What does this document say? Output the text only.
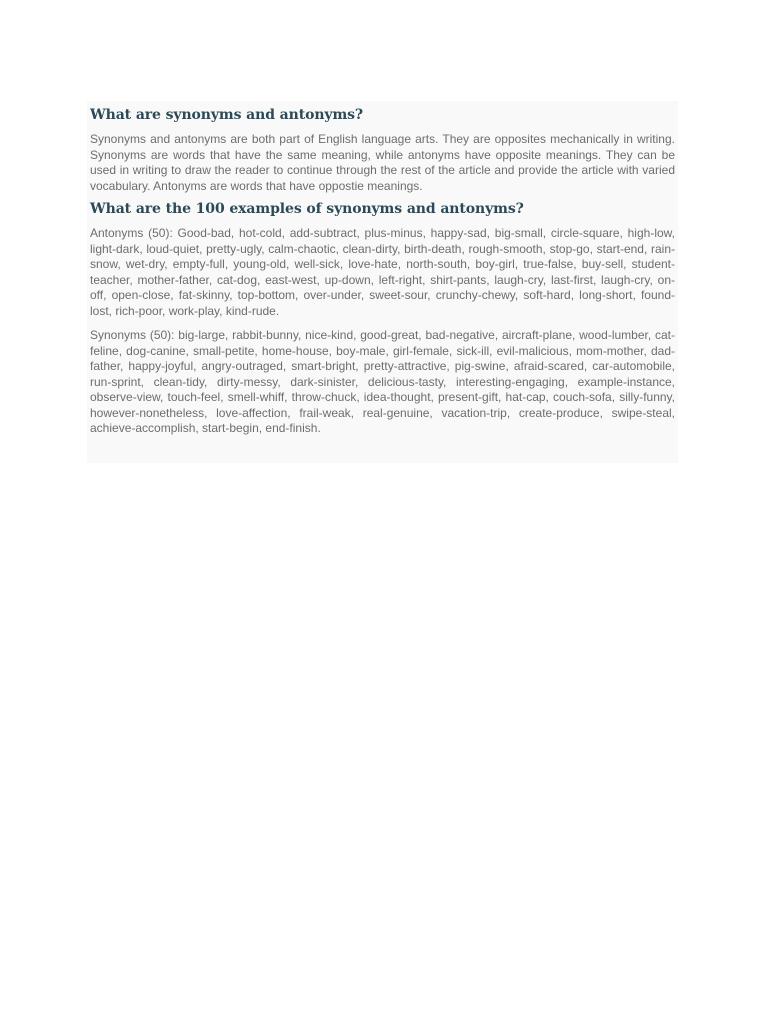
What are synonyms and antonyms?

Synonyms and antonyms are both part of English language arts. They are opposites mechanically in writing. Synonyms are words that have the same meaning, while antonyms have opposite meanings. They can be used in writing to draw the reader to continue through the rest of the article and provide the article with varied vocabulary. Antonyms are words that have oppostie meanings.

What are the 100 examples of synonyms and antonyms?

Antonyms (50): Good-bad, hot-cold, add-subtract, plus-minus, happy-sad, big-small, circle-square, high-low, light-dark, loud-quiet, pretty-ugly, calm-chaotic, clean-dirty, birth-death, rough-smooth, stop-go, start-end, rain-snow, wet-dry, empty-full, young-old, well-sick, love-hate, north-south, boy-girl, true-false, buy-sell, student-teacher, mother-father, cat-dog, east-west, up-down, left-right, shirt-pants, laugh-cry, last-first, laugh-cry, on-off, open-close, fat-skinny, top-bottom, over-under, sweet-sour, crunchy-chewy, soft-hard, long-short, found-lost, rich-poor, work-play, kind-rude.

Synonyms (50): big-large, rabbit-bunny, nice-kind, good-great, bad-negative, aircraft-plane, wood-lumber, cat-feline, dog-canine, small-petite, home-house, boy-male, girl-female, sick-ill, evil-malicious, mom-mother, dad-father, happy-joyful, angry-outraged, smart-bright, pretty-attractive, pig-swine, afraid-scared, car-automobile, run-sprint, clean-tidy, dirty-messy, dark-sinister, delicious-tasty, interesting-engaging, example-instance, observe-view, touch-feel, smell-whiff, throw-chuck, idea-thought, present-gift, hat-cap, couch-sofa, silly-funny, however-nonetheless, love-affection, frail-weak, real-genuine, vacation-trip, create-produce, swipe-steal, achieve-accomplish, start-begin, end-finish.
